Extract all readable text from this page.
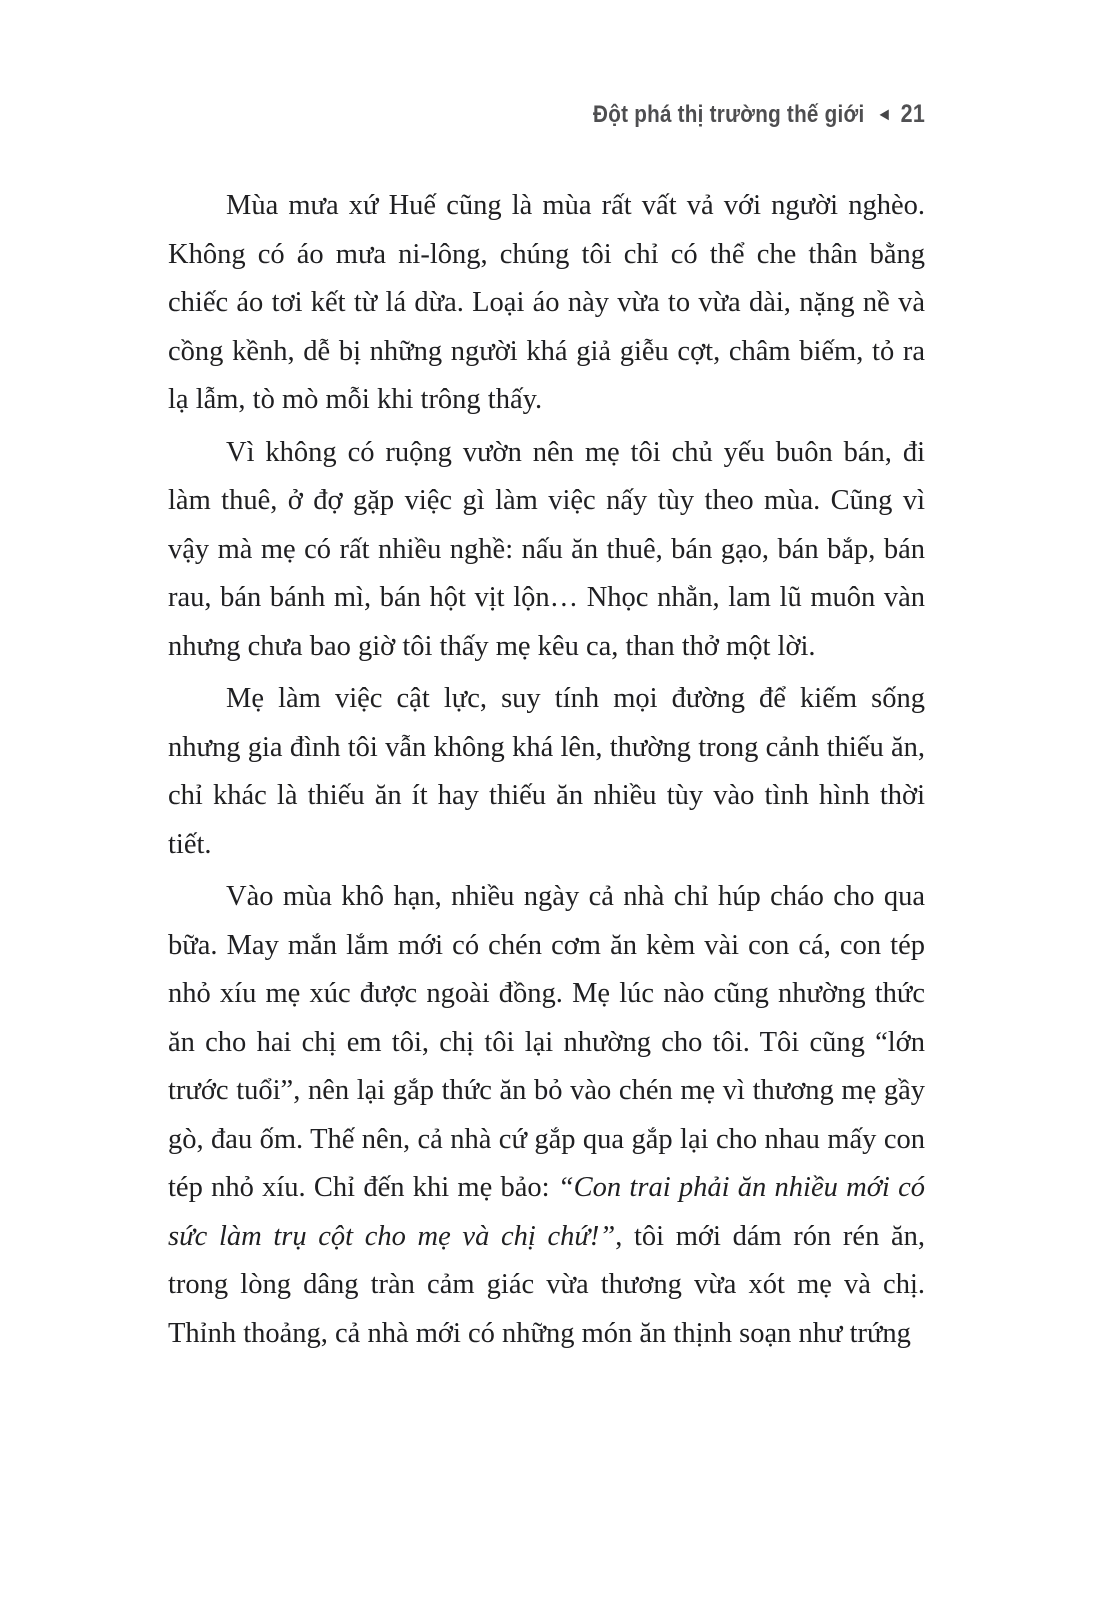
Đột phá thị trường thế giới ◄ 21

Mùa mưa xứ Huế cũng là mùa rất vất vả với người nghèo. Không có áo mưa ni-lông, chúng tôi chỉ có thể che thân bằng chiếc áo tơi kết từ lá dừa. Loại áo này vừa to vừa dài, nặng nề và cồng kềnh, dễ bị những người khá giả giễu cợt, châm biếm, tỏ ra lạ lẫm, tò mò mỗi khi trông thấy.

Vì không có ruộng vườn nên mẹ tôi chủ yếu buôn bán, đi làm thuê, ở đợ gặp việc gì làm việc nấy tùy theo mùa. Cũng vì vậy mà mẹ có rất nhiều nghề: nấu ăn thuê, bán gạo, bán bắp, bán rau, bán bánh mì, bán hột vịt lộn… Nhọc nhằn, lam lũ muôn vàn nhưng chưa bao giờ tôi thấy mẹ kêu ca, than thở một lời.

Mẹ làm việc cật lực, suy tính mọi đường để kiếm sống nhưng gia đình tôi vẫn không khá lên, thường trong cảnh thiếu ăn, chỉ khác là thiếu ăn ít hay thiếu ăn nhiều tùy vào tình hình thời tiết.

Vào mùa khô hạn, nhiều ngày cả nhà chỉ húp cháo cho qua bữa. May mắn lắm mới có chén cơm ăn kèm vài con cá, con tép nhỏ xíu mẹ xúc được ngoài đồng. Mẹ lúc nào cũng nhường thức ăn cho hai chị em tôi, chị tôi lại nhường cho tôi. Tôi cũng “lớn trước tuổi”, nên lại gắp thức ăn bỏ vào chén mẹ vì thương mẹ gầy gò, đau ốm. Thế nên, cả nhà cứ gắp qua gắp lại cho nhau mấy con tép nhỏ xíu. Chỉ đến khi mẹ bảo: “Con trai phải ăn nhiều mới có sức làm trụ cột cho mẹ và chị chứ!”, tôi mới dám rón rén ăn, trong lòng dâng tràn cảm giác vừa thương vừa xót mẹ và chị. Thỉnh thoảng, cả nhà mới có những món ăn thịnh soạn như trứng
